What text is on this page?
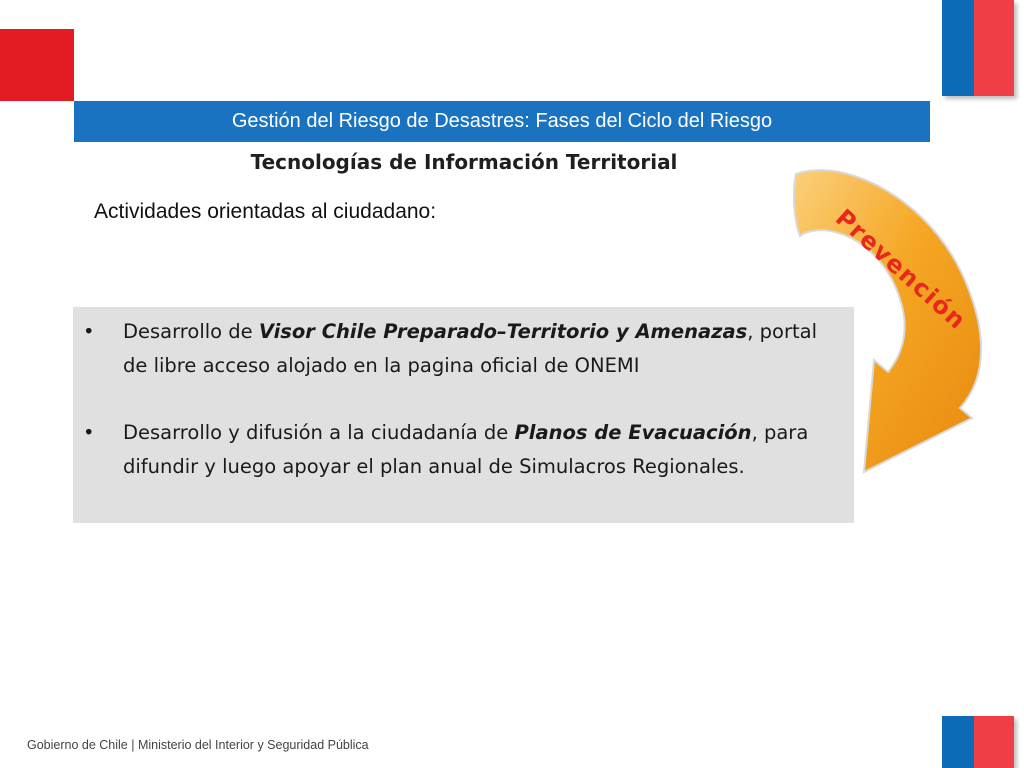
Gestión del Riesgo de Desastres: Fases del Ciclo del Riesgo
Tecnologías de Información Territorial
Actividades orientadas al ciudadano:
• Desarrollo de Visor Chile Preparado–Territorio y Amenazas, portal de libre acceso alojado en la pagina oficial de ONEMI
• Desarrollo y difusión a la ciudadanía de Planos de Evacuación, para difundir y luego apoyar el plan anual de Simulacros Regionales.
Prevención
Gobierno de Chile | Ministerio del Interior y Seguridad Pública
